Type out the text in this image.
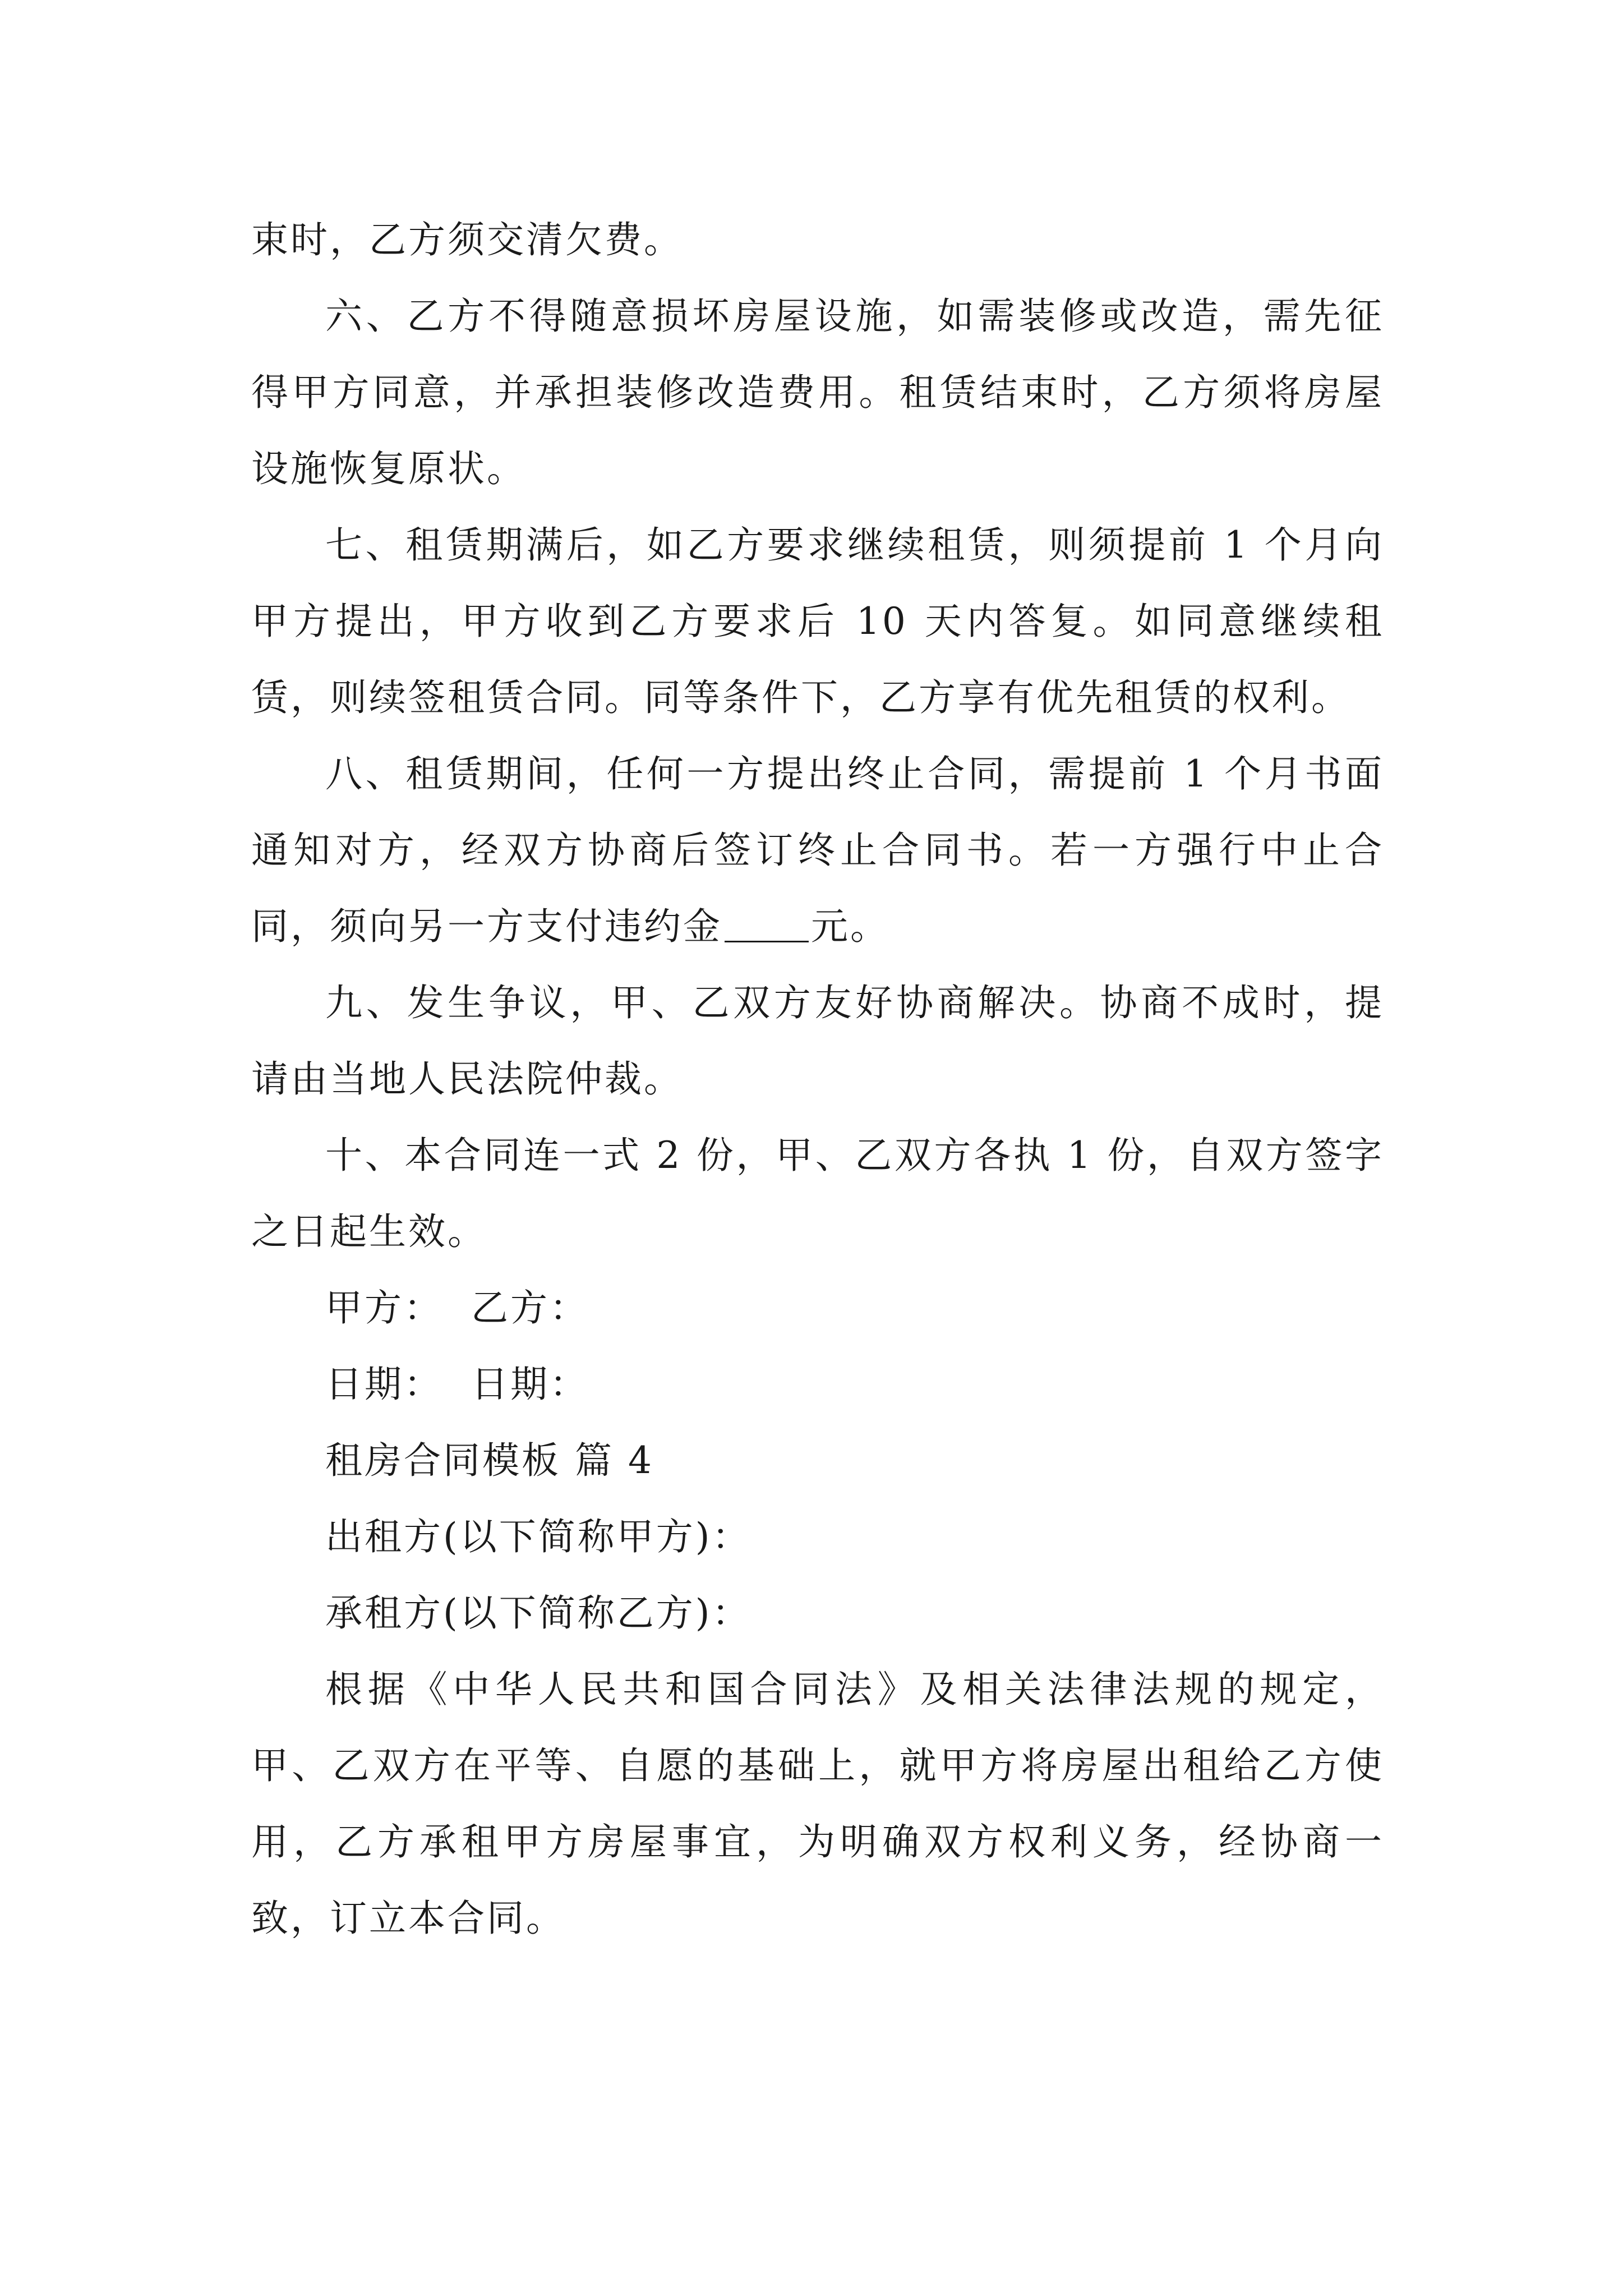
束时，乙方须交清欠费。

六、乙方不得随意损坏房屋设施，如需装修或改造，需先征得甲方同意，并承担装修改造费用。租赁结束时，乙方须将房屋设施恢复原状。

七、租赁期满后，如乙方要求继续租赁，则须提前 1 个月向甲方提出，甲方收到乙方要求后 10 天内答复。如同意继续租赁，则续签租赁合同。同等条件下，乙方享有优先租赁的权利。

八、租赁期间，任何一方提出终止合同，需提前 1 个月书面通知对方，经双方协商后签订终止合同书。若一方强行中止合同，须向另一方支付违约金 元。

九、发生争议，甲、乙双方友好协商解决。协商不成时，提请由当地人民法院仲裁。

十、本合同连一式 2 份，甲、乙双方各执 1 份，自双方签字之日起生效。

甲方： 乙方：

日期： 日期：

租房合同模板 篇 4

出租方(以下简称甲方)：

承租方(以下简称乙方)：

根据《中华人民共和国合同法》及相关法律法规的规定，甲、乙双方在平等、自愿的基础上，就甲方将房屋出租给乙方使用，乙方承租甲方房屋事宜，为明确双方权利义务，经协商一致，订立本合同。
